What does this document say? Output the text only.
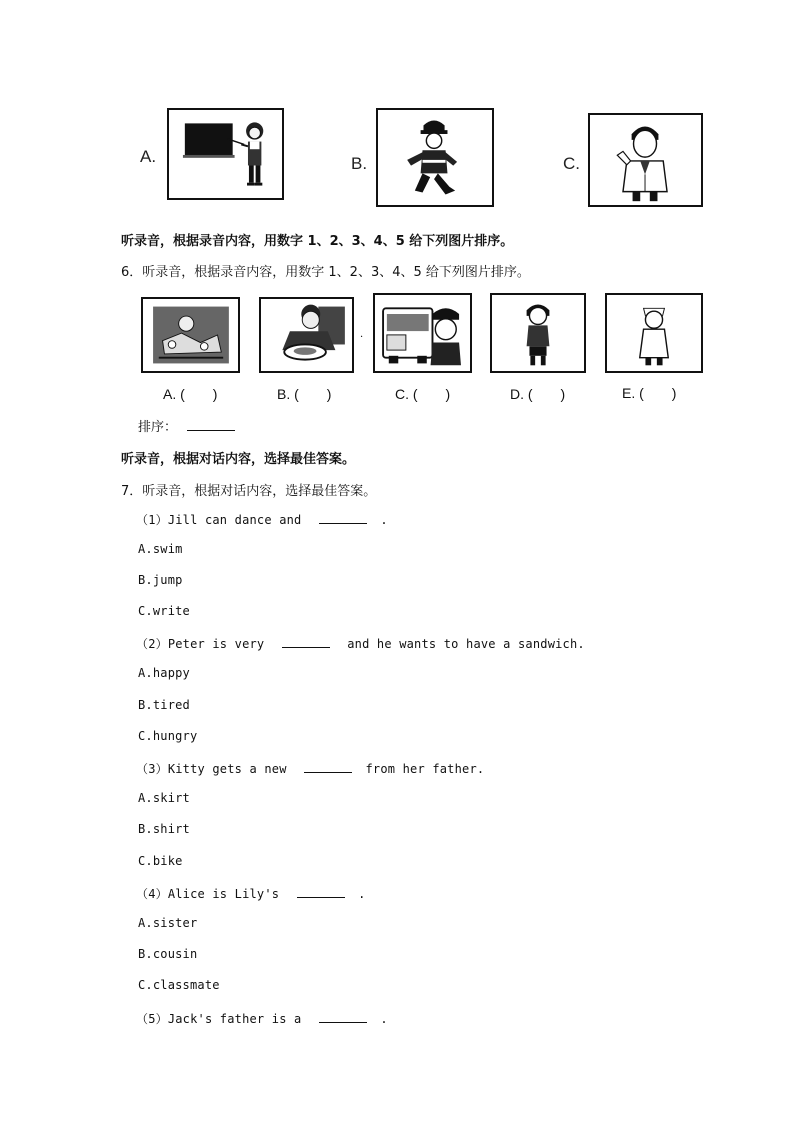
A.	B.	C.
听录音，根据录音内容，用数字 1、2、3、4、5 给下列图片排序。
6．听录音，根据录音内容，用数字 1、2、3、4、5 给下列图片排序。
·
A. (　　)	B. (　　)	C. (　　)	D. (　　)	E. (　　)
排序：
听录音，根据对话内容，选择最佳答案。
7．听录音，根据对话内容，选择最佳答案。
（1）Jill can dance and	.
A.swim
B.jump
C.write
（2）Peter is very	and he wants to have a sandwich.
A.happy
B.tired
C.hungry
（3）Kitty gets a new	from her father.
A.skirt
B.shirt
C.bike
（4）Alice is Lily's	.
A.sister
B.cousin
C.classmate
（5）Jack's father is a	.
